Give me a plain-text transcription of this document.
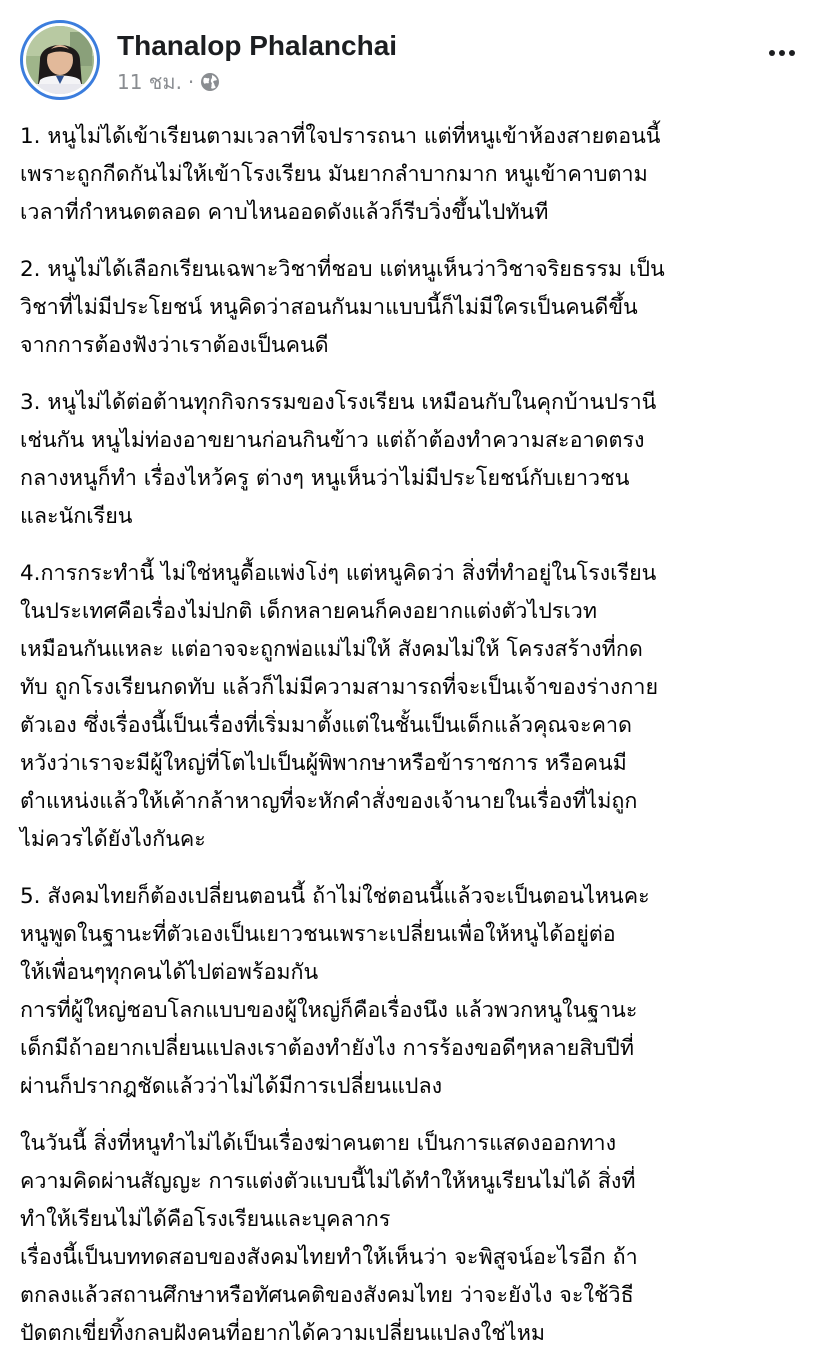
Thanalop Phalanchai
11 ชม. ·

1. หนูไม่ได้เข้าเรียนตามเวลาที่ใจปรารถนา แต่ที่หนูเข้าห้องสายตอนนี้
เพราะถูกกีดกันไม่ให้เข้าโรงเรียน มันยากลำบากมาก หนูเข้าคาบตาม
เวลาที่กำหนดตลอด คาบไหนออดดังแล้วก็รีบวิ่งขึ้นไปทันที

2. หนูไม่ได้เลือกเรียนเฉพาะวิชาที่ชอบ แต่หนูเห็นว่าวิชาจริยธรรม เป็น
วิชาที่ไม่มีประโยชน์ หนูคิดว่าสอนกันมาแบบนี้ก็ไม่มีใครเป็นคนดีขึ้น
จากการต้องฟังว่าเราต้องเป็นคนดี

3. หนูไม่ได้ต่อต้านทุกกิจกรรมของโรงเรียน เหมือนกับในคุกบ้านปรานี
เช่นกัน หนูไม่ท่องอาขยานก่อนกินข้าว แต่ถ้าต้องทำความสะอาดตรง
กลางหนูก็ทำ เรื่องไหว้ครู ต่างๆ หนูเห็นว่าไม่มีประโยชน์กับเยาวชน
และนักเรียน

4.การกระทำนี้ ไม่ใช่หนูดื้อแพ่งโง่ๆ แต่หนูคิดว่า สิ่งที่ทำอยู่ในโรงเรียน
ในประเทศคือเรื่องไม่ปกติ เด็กหลายคนก็คงอยากแต่งตัวไปรเวท
เหมือนกันแหละ แต่อาจจะถูกพ่อแม่ไม่ให้ สังคมไม่ให้ โครงสร้างที่กด
ทับ ถูกโรงเรียนกดทับ แล้วก็ไม่มีความสามารถที่จะเป็นเจ้าของร่างกาย
ตัวเอง ซึ่งเรื่องนี้เป็นเรื่องที่เริ่มมาตั้งแต่ในชั้นเป็นเด็กแล้วคุณจะคาด
หวังว่าเราจะมีผู้ใหญ่ที่โตไปเป็นผู้พิพากษาหรือข้าราชการ หรือคนมี
ตำแหน่งแล้วให้เค้ากล้าหาญที่จะหักคำสั่งของเจ้านายในเรื่องที่ไม่ถูก
ไม่ควรได้ยังไงกันคะ

5. สังคมไทยก็ต้องเปลี่ยนตอนนี้ ถ้าไม่ใช่ตอนนี้แล้วจะเป็นตอนไหนคะ
หนูพูดในฐานะที่ตัวเองเป็นเยาวชนเพราะเปลี่ยนเพื่อให้หนูได้อยู่ต่อ
ให้เพื่อนๆทุกคนได้ไปต่อพร้อมกัน
การที่ผู้ใหญ่ชอบโลกแบบของผู้ใหญ่ก็คือเรื่องนึง แล้วพวกหนูในฐานะ
เด็กมีถ้าอยากเปลี่ยนแปลงเราต้องทำยังไง การร้องขอดีๆหลายสิบปีที่
ผ่านก็ปรากฎชัดแล้วว่าไม่ได้มีการเปลี่ยนแปลง

ในวันนี้ สิ่งที่หนูทำไม่ได้เป็นเรื่องฆ่าคนตาย เป็นการแสดงออกทาง
ความคิดผ่านสัญญะ การแต่งตัวแบบนี้ไม่ได้ทำให้หนูเรียนไม่ได้ สิ่งที่
ทำให้เรียนไม่ได้คือโรงเรียนและบุคลากร
เรื่องนี้เป็นบททดสอบของสังคมไทยทำให้เห็นว่า จะพิสูจน์อะไรอีก ถ้า
ตกลงแล้วสถานศึกษาหรือทัศนคติของสังคมไทย ว่าจะยังไง จะใช้วิธี
ปัดตกเขี่ยทิ้งกลบฝังคนที่อยากได้ความเปลี่ยนแปลงใช่ไหม
